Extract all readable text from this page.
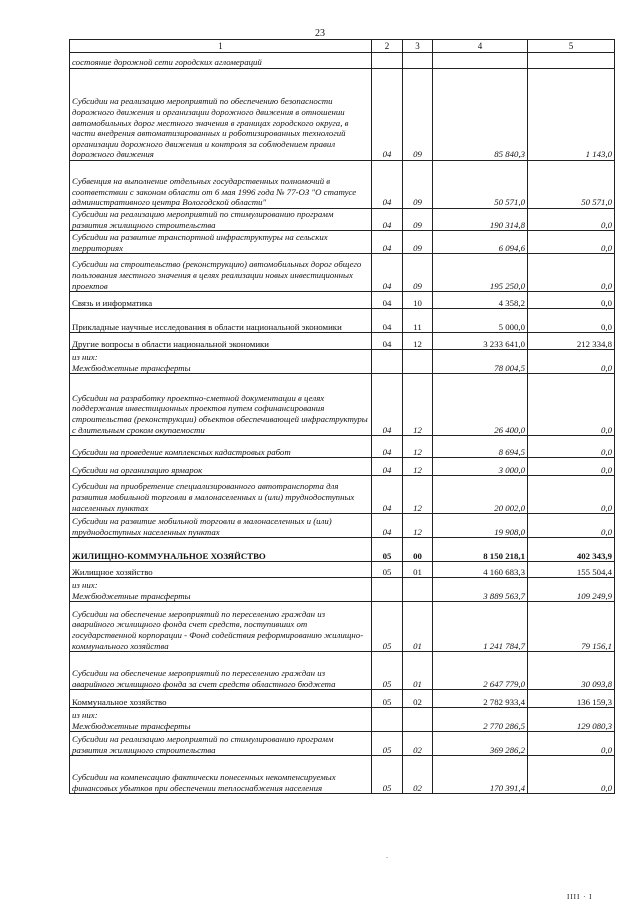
23
1	2	3	4	5
состояние дорожной сети городских агломераций				
Субсидии на реализацию мероприятий по обеспечению безопасности дорожного движения и организации дорожного движения в отношении автомобильных дорог местного значения в границах городского округа, в части внедрения автоматизированных и роботизированных технологий организации дорожного движения и контроля за соблюдением правил дорожного движения	04	09	85 840,3	1 143,0
Субвенция на выполнение отдельных государственных полномочий в соответствии с законом области от 6 мая 1996 года № 77-ОЗ "О статусе административного центра Вологодской области"	04	09	50 571,0	50 571,0
Субсидии на реализацию мероприятий по стимулированию программ развития жилищного строительства	04	09	190 314,8	0,0
Субсидии на развитие транспортной инфраструктуры на сельских территориях	04	09	6 094,6	0,0
Субсидии на строительство (реконструкцию) автомобильных дорог общего пользования местного значения в целях реализации новых инвестиционных проектов	04	09	195 250,0	0,0
Связь и информатика	04	10	4 358,2	0,0
Прикладные научные исследования в области национальной экономики	04	11	5 000,0	0,0
Другие вопросы в области национальной экономики	04	12	3 233 641,0	212 334,8
из них:
Межбюджетные трансферты			78 004,5	0,0
Субсидии на разработку проектно-сметной документации в целях поддержания инвестиционных проектов путем софинансирования строительства (реконструкции) объектов обеспечивающей инфраструктуры с длительным сроком окупаемости	04	12	26 400,0	0,0
Субсидии на проведение комплексных кадастровых работ	04	12	8 694,5	0,0
Субсидии на организацию ярмарок	04	12	3 000,0	0,0
Субсидии на приобретение специализированного автотранспорта для развития мобильной торговли в малонаселенных и (или) труднодоступных населенных пунктах	04	12	20 002,0	0,0
Субсидии на развитие мобильной торговли в малонаселенных и (или) труднодоступных населенных пунктах	04	12	19 908,0	0,0
ЖИЛИЩНО-КОММУНАЛЬНОЕ ХОЗЯЙСТВО	05	00	8 150 218,1	402 343,9
Жилищное хозяйство	05	01	4 160 683,3	155 504,4
из них:
Межбюджетные трансферты			3 889 563,7	109 249,9
Субсидии на обеспечение мероприятий по переселению граждан из аварийного жилищного фонда счет средств, поступивших от государственной корпорации - Фонд содействия реформированию жилищно-коммунального хозяйства	05	01	1 241 784,7	79 156,1
Субсидии на обеспечение мероприятий по переселению граждан из аварийного жилищного фонда за счет средств областного бюджета	05	01	2 647 779,0	30 093,8
Коммунальное хозяйство	05	02	2 782 933,4	136 159,3
из них:
Межбюджетные трансферты			2 770 286,5	129 080,3
Субсидии на реализацию мероприятий по стимулированию программ развития жилищного строительства	05	02	369 286,2	0,0
Субсидии на компенсацию фактически понесенных некомпенсируемых финансовых убытков при обеспечении теплоснабжения населения	05	02	170 391,4	0,0
-
IIII · I
